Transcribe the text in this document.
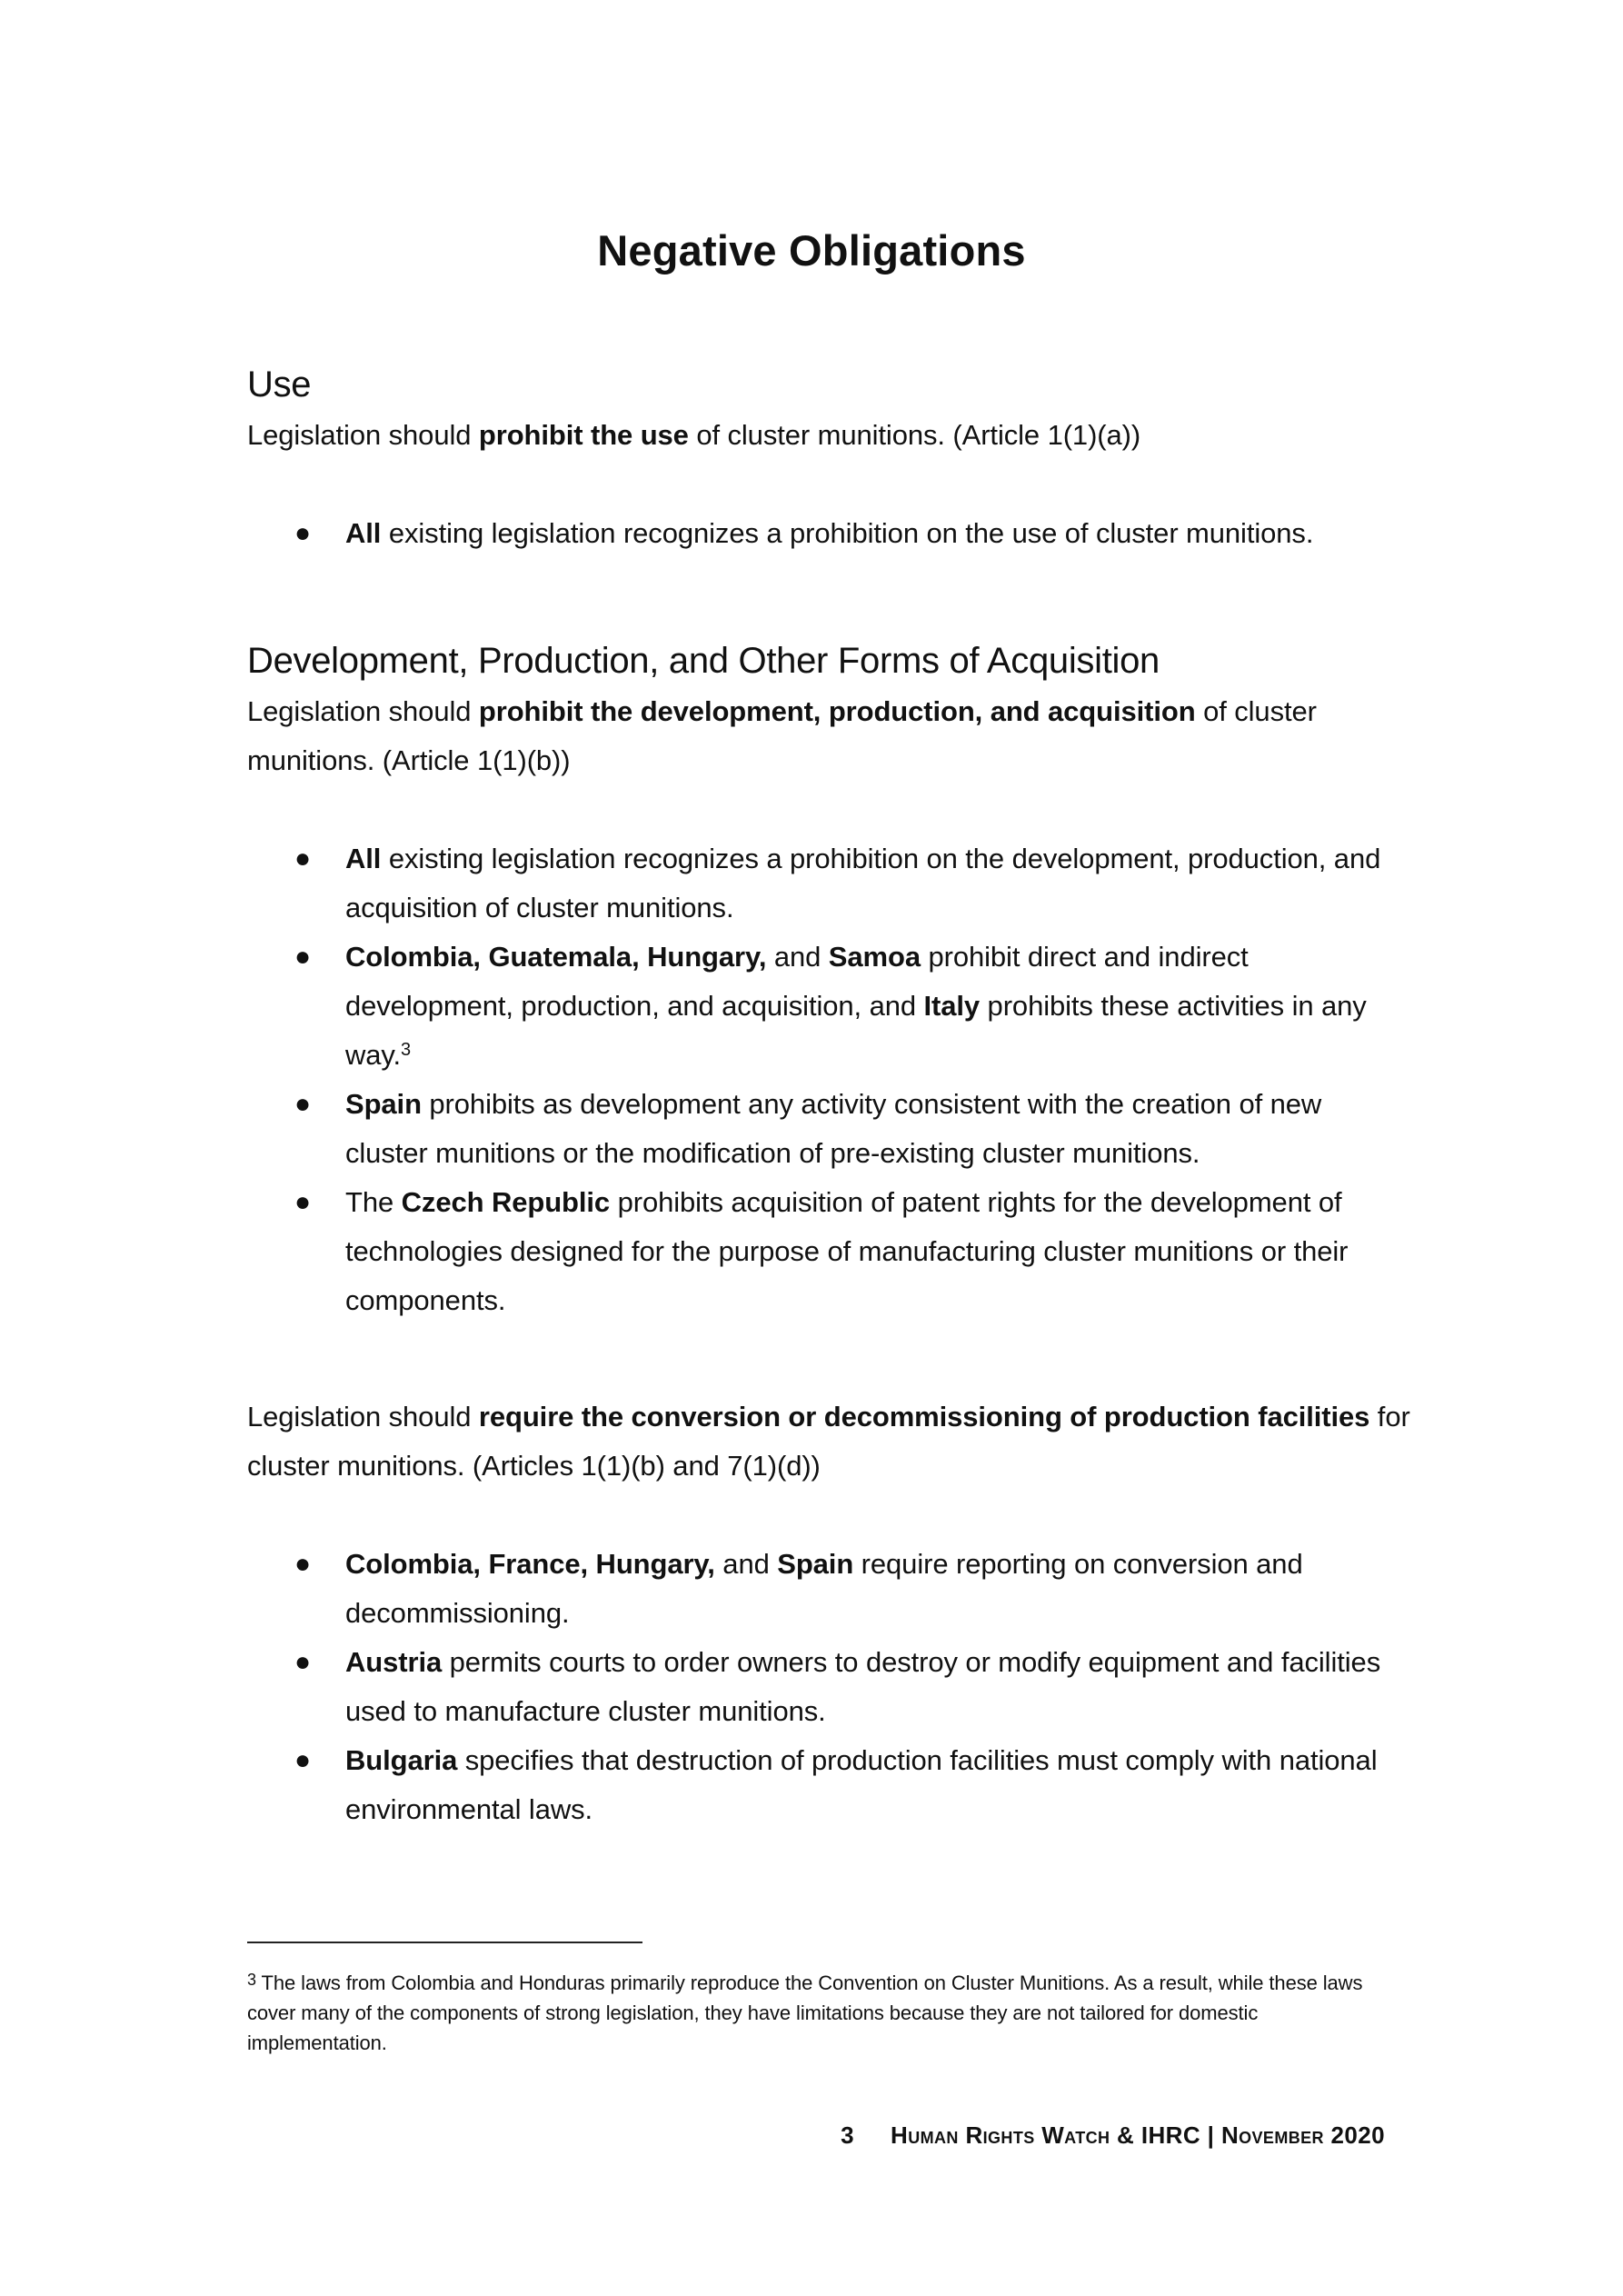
Negative Obligations
Use

Legislation should prohibit the use of cluster munitions. (Article 1(1)(a))

● All existing legislation recognizes a prohibition on the use of cluster munitions.
Development, Production, and Other Forms of Acquisition

Legislation should prohibit the development, production, and acquisition of cluster munitions. (Article 1(1)(b))

● All existing legislation recognizes a prohibition on the development, production, and acquisition of cluster munitions.
● Colombia, Guatemala, Hungary, and Samoa prohibit direct and indirect development, production, and acquisition, and Italy prohibits these activities in any way.$^3$
● Spain prohibits as development any activity consistent with the creation of new cluster munitions or the modification of pre-existing cluster munitions.
● The Czech Republic prohibits acquisition of patent rights for the development of technologies designed for the purpose of manufacturing cluster munitions or their components.

Legislation should require the conversion or decommissioning of production facilities for cluster munitions. (Articles 1(1)(b) and 7(1)(d))

● Colombia, France, Hungary, and Spain require reporting on conversion and decommissioning.
● Austria permits courts to order owners to destroy or modify equipment and facilities used to manufacture cluster munitions.
● Bulgaria specifies that destruction of production facilities must comply with national environmental laws.
$^3$ The laws from Colombia and Honduras primarily reproduce the Convention on Cluster Munitions. As a result, while these laws cover many of the components of strong legislation, they have limitations because they are not tailored for domestic implementation.
3 Human Rights Watch & IHRC | November 2020
